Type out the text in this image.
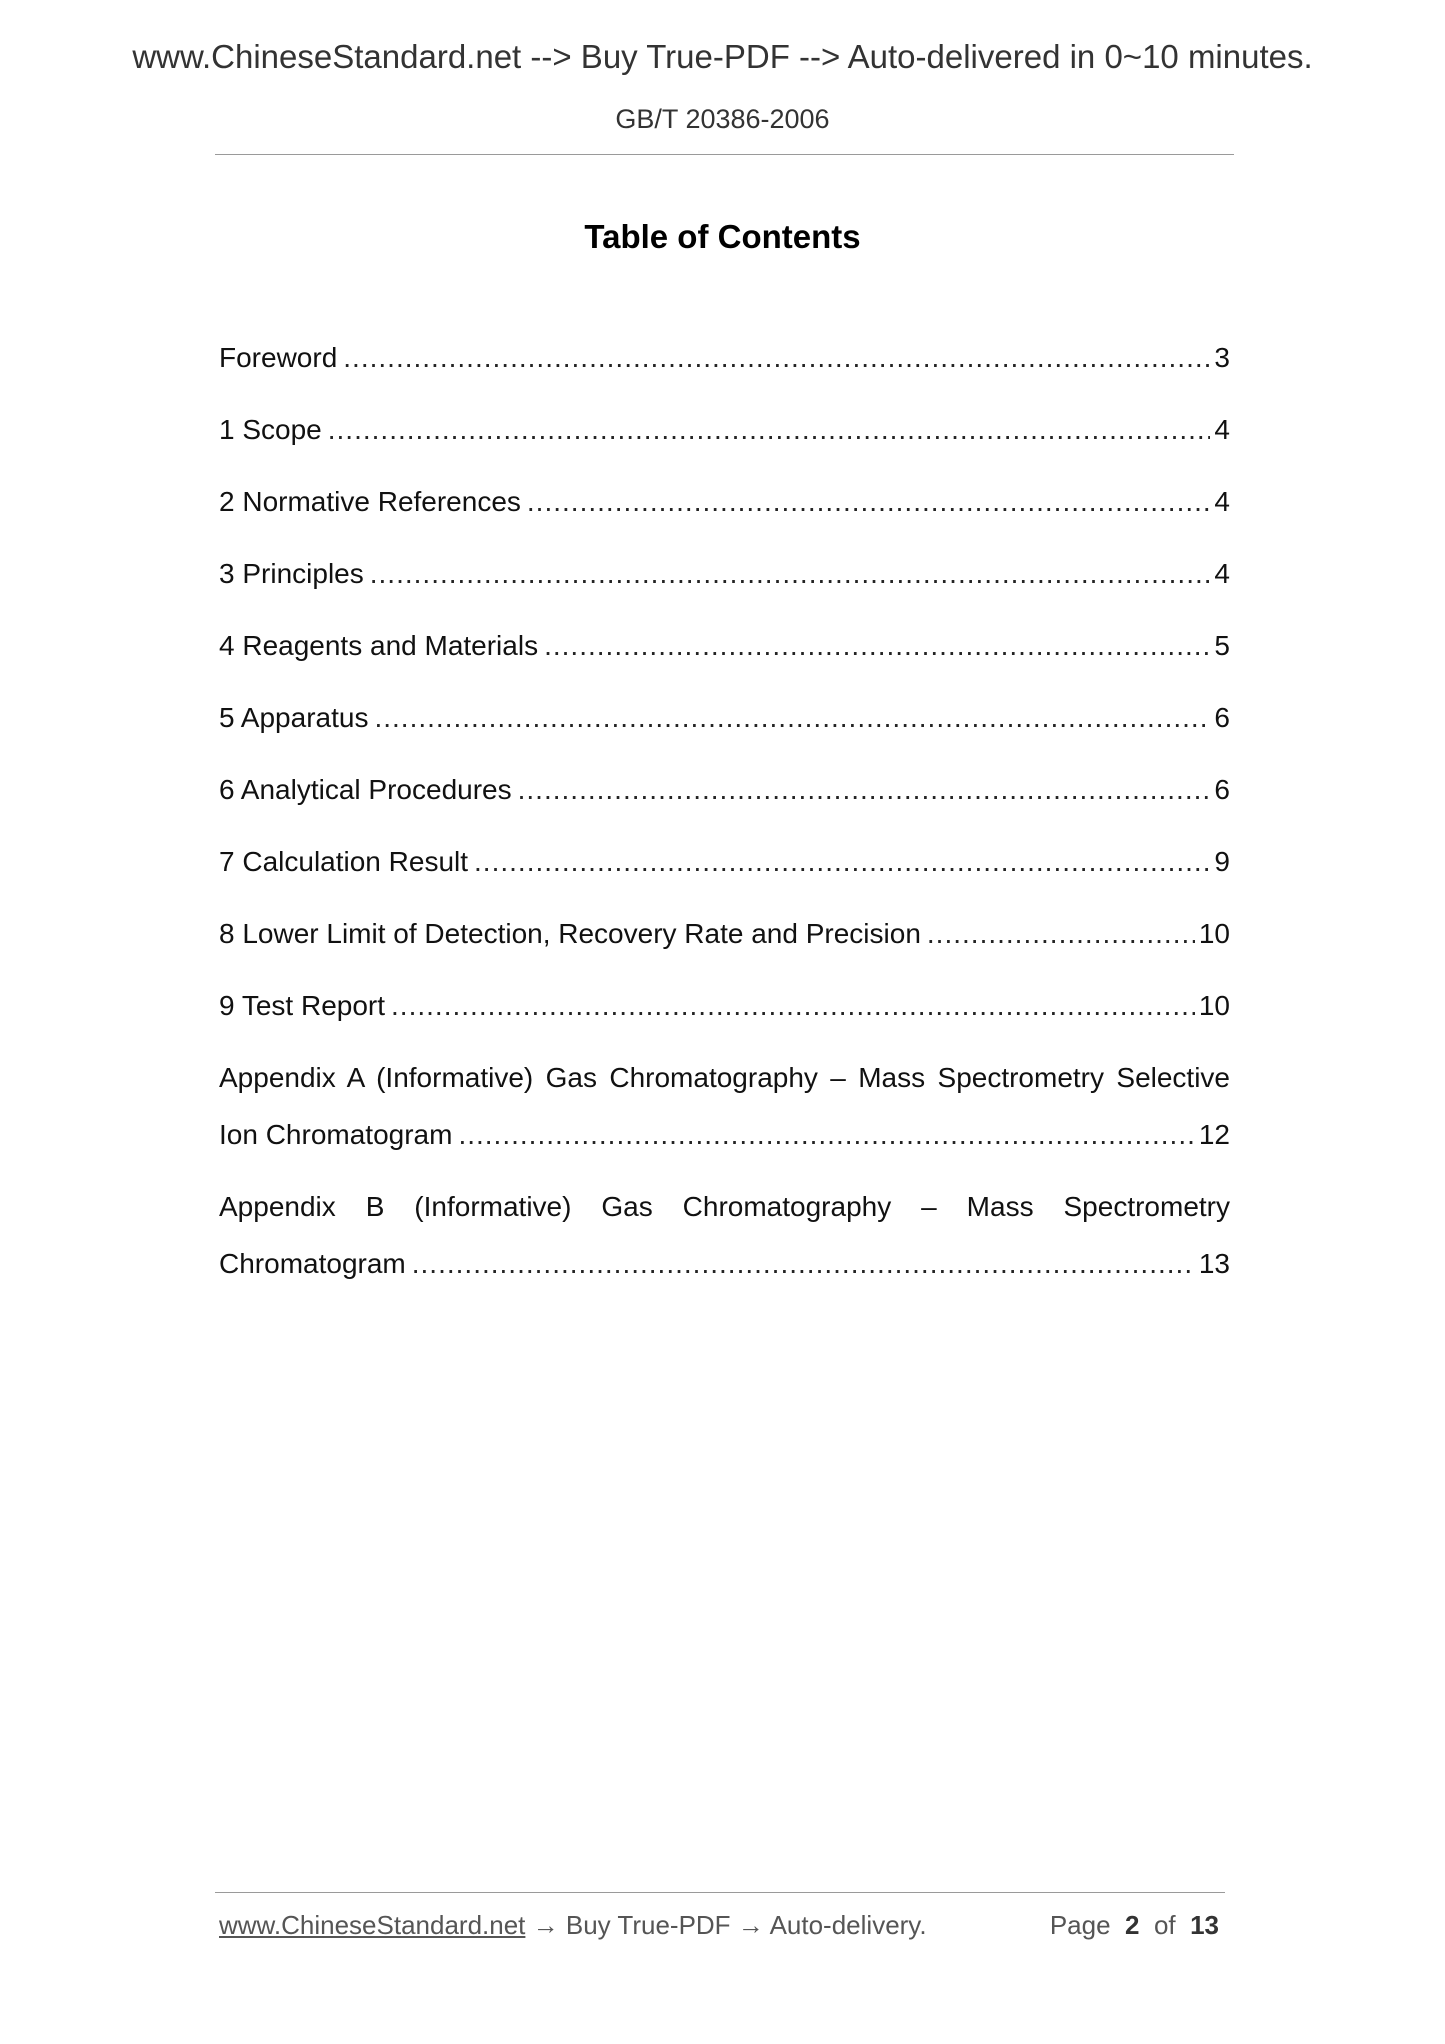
www.ChineseStandard.net --> Buy True-PDF --> Auto-delivered in 0~10 minutes.
GB/T 20386-2006
Table of Contents
Foreword .....	3
1 Scope .....	4
2 Normative References .....	4
3 Principles .....	4
4 Reagents and Materials .....	5
5 Apparatus .....	6
6 Analytical Procedures .....	6
7 Calculation Result .....	9
8 Lower Limit of Detection, Recovery Rate and Precision .....	10
9 Test Report .....	10
Appendix A (Informative) Gas Chromatography – Mass Spectrometry Selective
Ion Chromatogram .....	12
Appendix B (Informative) Gas Chromatography – Mass Spectrometry
Chromatogram .....	13
www.ChineseStandard.net → Buy True-PDF → Auto-delivery.	Page 2 of 13
